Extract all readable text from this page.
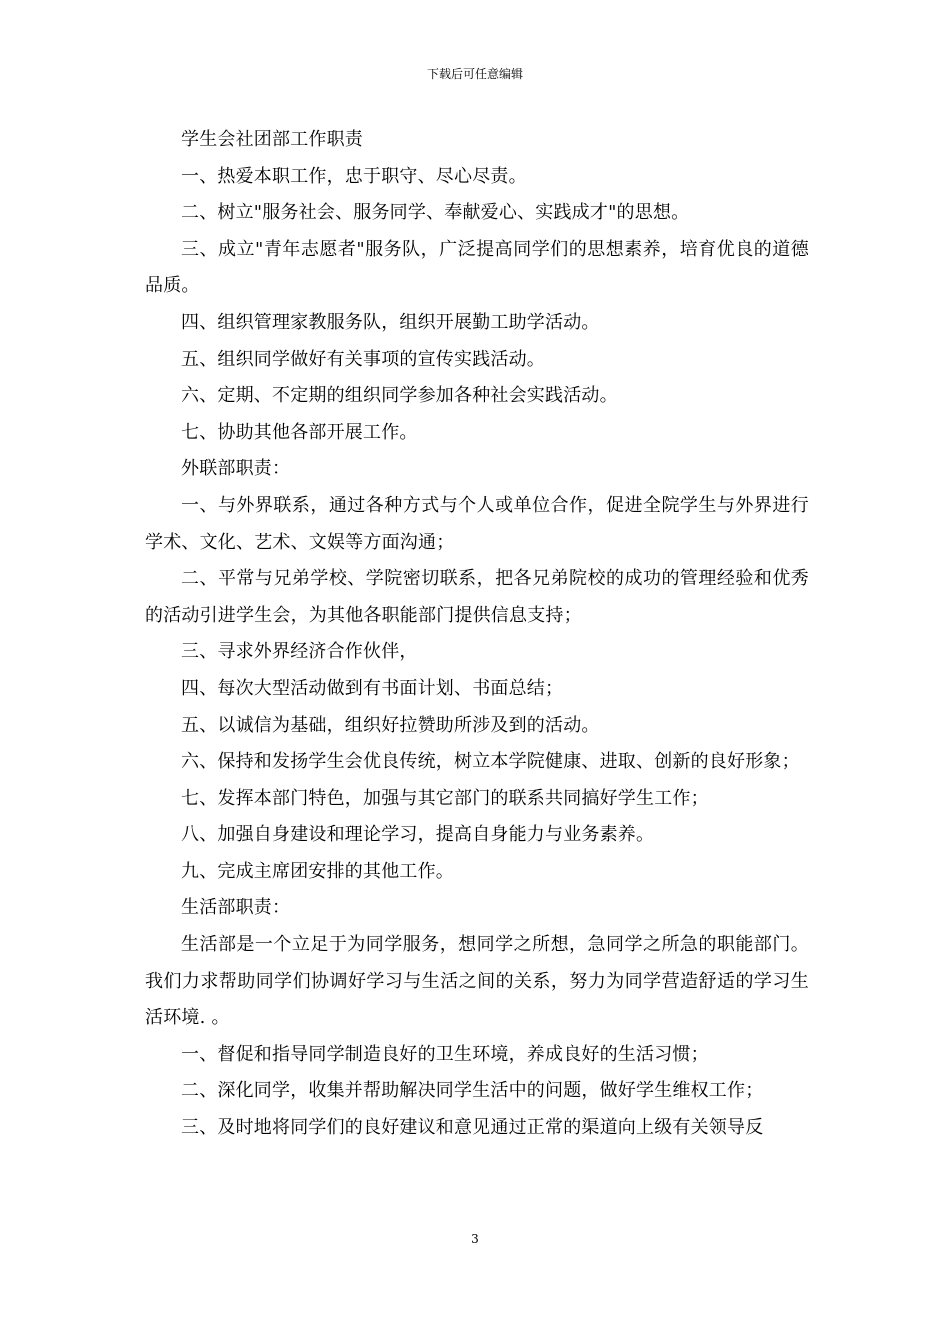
下载后可任意编辑

学生会社团部工作职责

一、热爱本职工作，忠于职守、尽心尽责。

二、树立"服务社会、服务同学、奉献爱心、实践成才"的思想。

三、成立"青年志愿者"服务队，广泛提高同学们的思想素养，培育优良的道德品质。

四、组织管理家教服务队，组织开展勤工助学活动。

五、组织同学做好有关事项的宣传实践活动。

六、定期、不定期的组织同学参加各种社会实践活动。

七、协助其他各部开展工作。

外联部职责：

一、与外界联系，通过各种方式与个人或单位合作，促进全院学生与外界进行学术、文化、艺术、文娱等方面沟通；

二、平常与兄弟学校、学院密切联系，把各兄弟院校的成功的管理经验和优秀的活动引进学生会，为其他各职能部门提供信息支持；

三、寻求外界经济合作伙伴，

四、每次大型活动做到有书面计划、书面总结；

五、以诚信为基础，组织好拉赞助所涉及到的活动。

六、保持和发扬学生会优良传统，树立本学院健康、进取、创新的良好形象；

七、发挥本部门特色，加强与其它部门的联系共同搞好学生工作；

八、加强自身建设和理论学习，提高自身能力与业务素养。

九、完成主席团安排的其他工作。

生活部职责：

生活部是一个立足于为同学服务，想同学之所想，急同学之所急的职能部门。我们力求帮助同学们协调好学习与生活之间的关系，努力为同学营造舒适的学习生活环境. 。

一、督促和指导同学制造良好的卫生环境，养成良好的生活习惯；

二、深化同学，收集并帮助解决同学生活中的问题，做好学生维权工作；

三、及时地将同学们的良好建议和意见通过正常的渠道向上级有关领导反

3
